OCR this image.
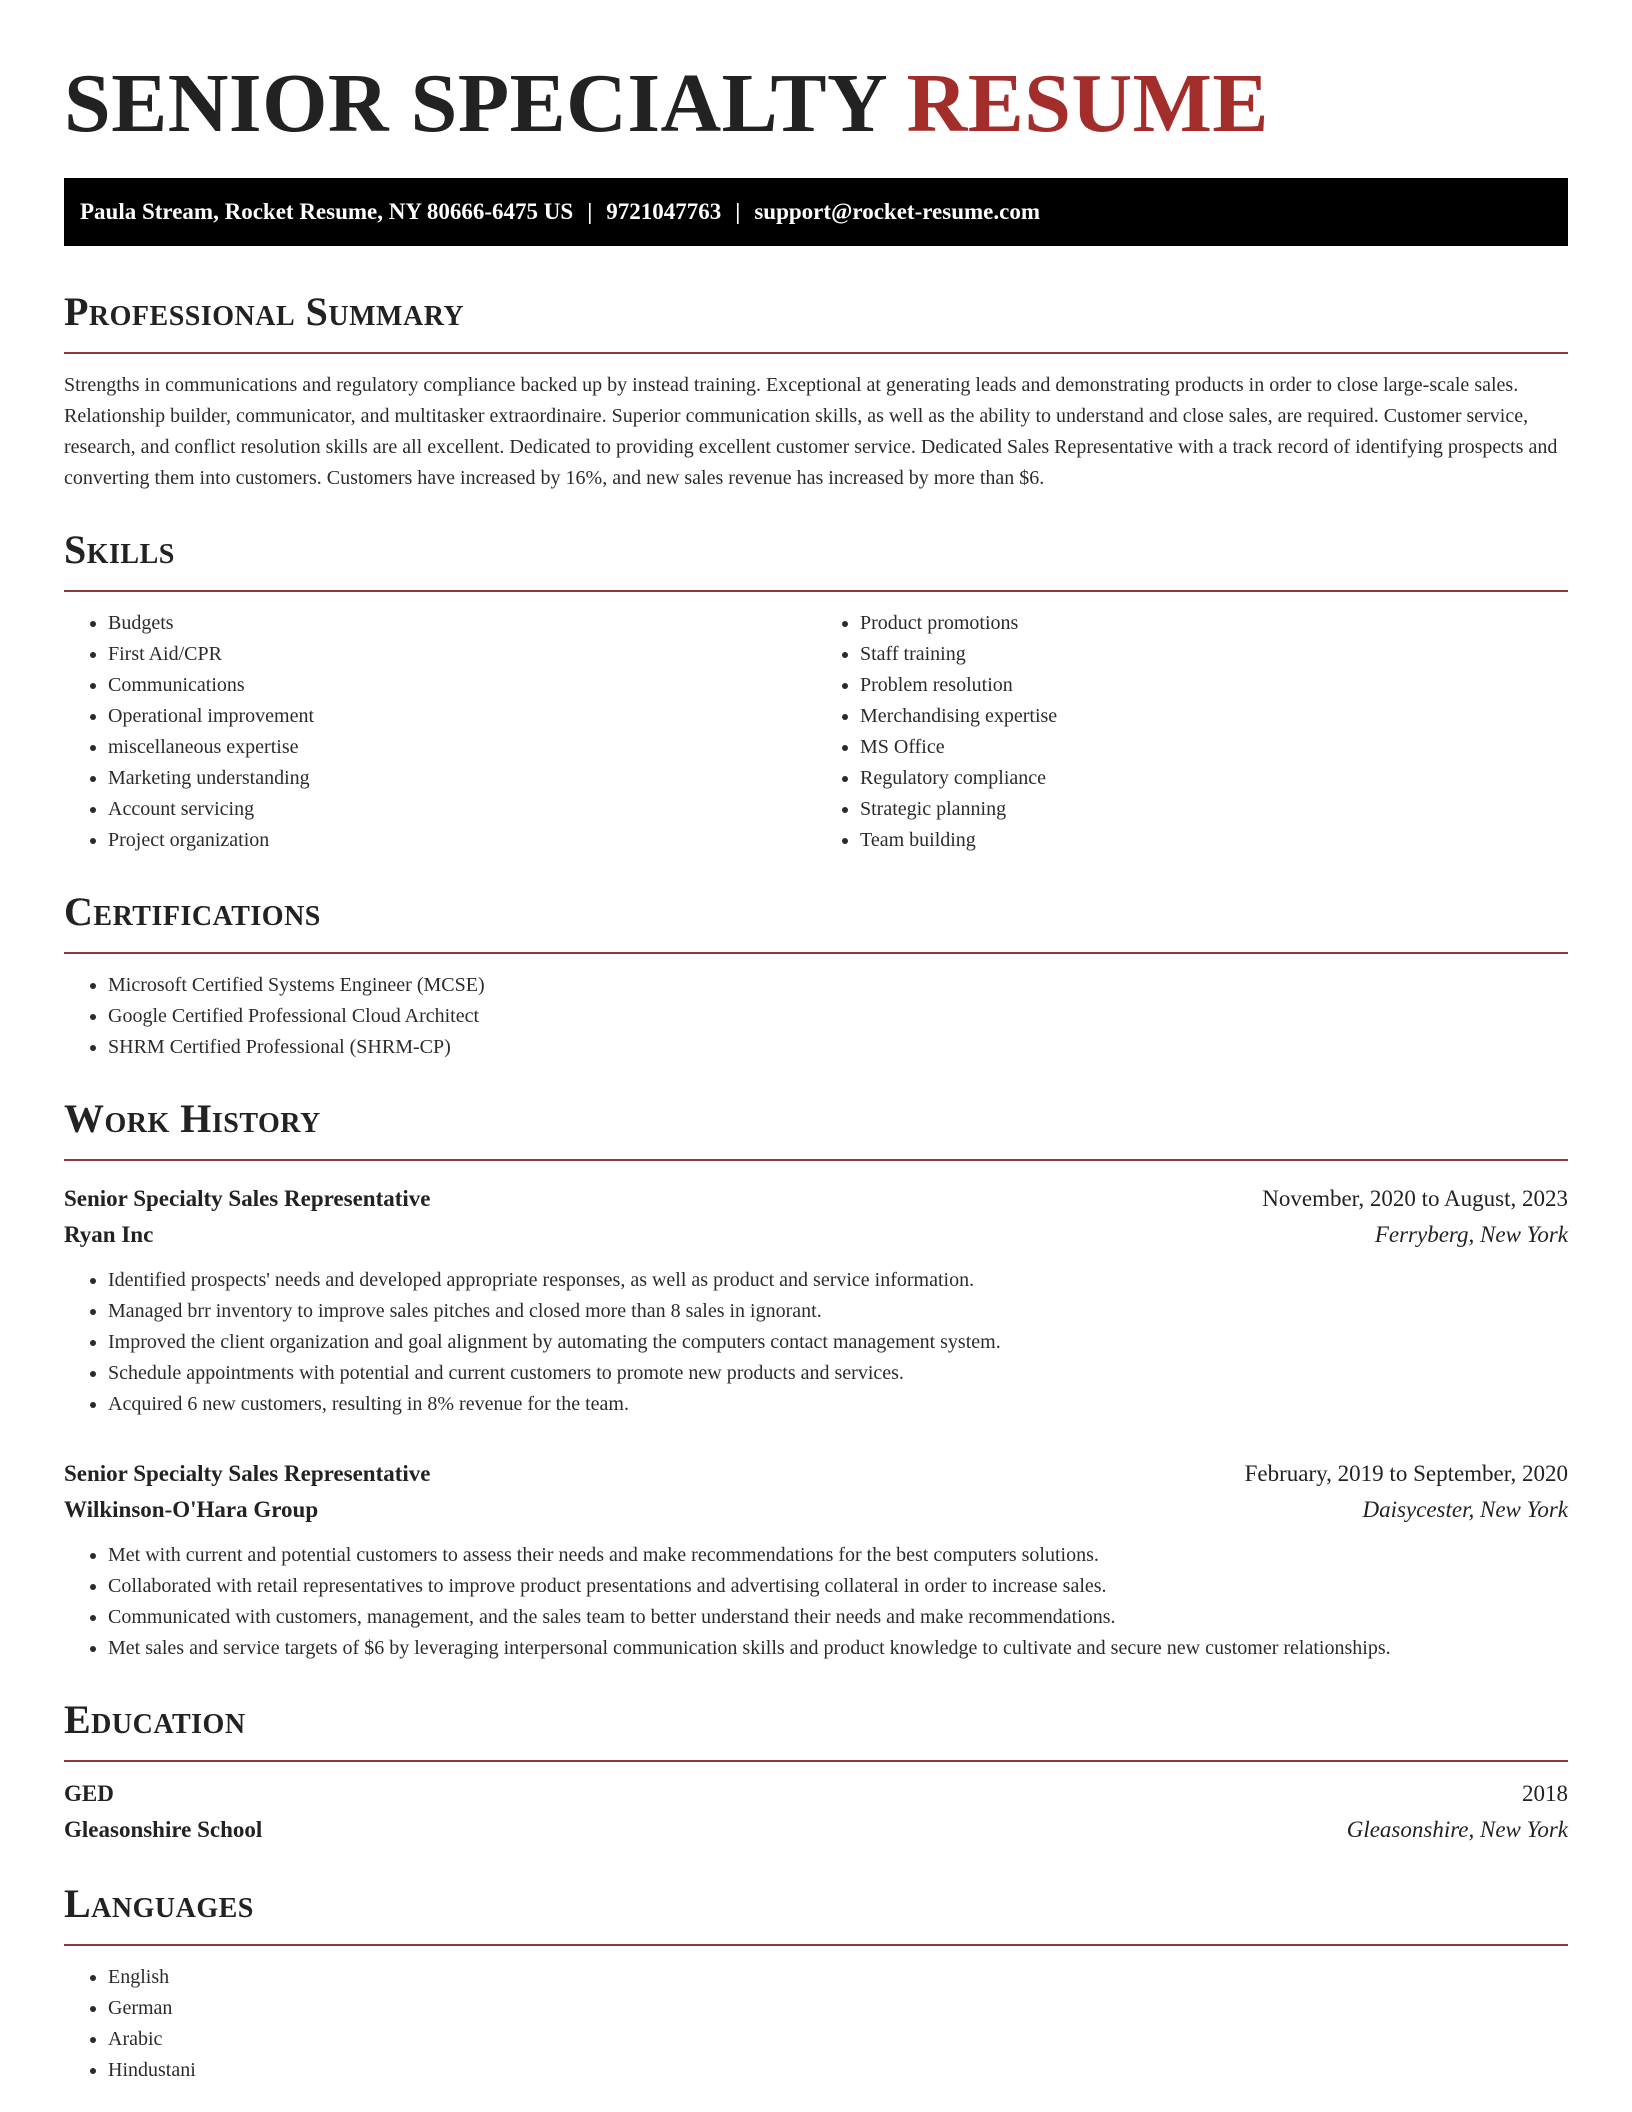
SENIOR SPECIALTY RESUME
Paula Stream, Rocket Resume, NY 80666-6475 US | 9721047763 | support@rocket-resume.com
Professional Summary

Strengths in communications and regulatory compliance backed up by instead training. Exceptional at generating leads and demonstrating products in order to close large-scale sales. Relationship builder, communicator, and multitasker extraordinaire. Superior communication skills, as well as the ability to understand and close sales, are required. Customer service, research, and conflict resolution skills are all excellent. Dedicated to providing excellent customer service. Dedicated Sales Representative with a track record of identifying prospects and converting them into customers. Customers have increased by 16%, and new sales revenue has increased by more than $6.

Skills
• Budgets
• First Aid/CPR
• Communications
• Operational improvement
• miscellaneous expertise
• Marketing understanding
• Account servicing
• Project organization
• Product promotions
• Staff training
• Problem resolution
• Merchandising expertise
• MS Office
• Regulatory compliance
• Strategic planning
• Team building
Certifications
• Microsoft Certified Systems Engineer (MCSE)
• Google Certified Professional Cloud Architect
• SHRM Certified Professional (SHRM-CP)
Work History
Senior Specialty Sales Representative	November, 2020 to August, 2023
Ryan Inc	Ferryberg, New York
• Identified prospects' needs and developed appropriate responses, as well as product and service information.
• Managed brr inventory to improve sales pitches and closed more than 8 sales in ignorant.
• Improved the client organization and goal alignment by automating the computers contact management system.
• Schedule appointments with potential and current customers to promote new products and services.
• Acquired 6 new customers, resulting in 8% revenue for the team.
Senior Specialty Sales Representative	February, 2019 to September, 2020
Wilkinson-O'Hara Group	Daisycester, New York
• Met with current and potential customers to assess their needs and make recommendations for the best computers solutions.
• Collaborated with retail representatives to improve product presentations and advertising collateral in order to increase sales.
• Communicated with customers, management, and the sales team to better understand their needs and make recommendations.
• Met sales and service targets of $6 by leveraging interpersonal communication skills and product knowledge to cultivate and secure new customer relationships.
Education
GED	2018
Gleasonshire School	Gleasonshire, New York
Languages
• English
• German
• Arabic
• Hindustani
